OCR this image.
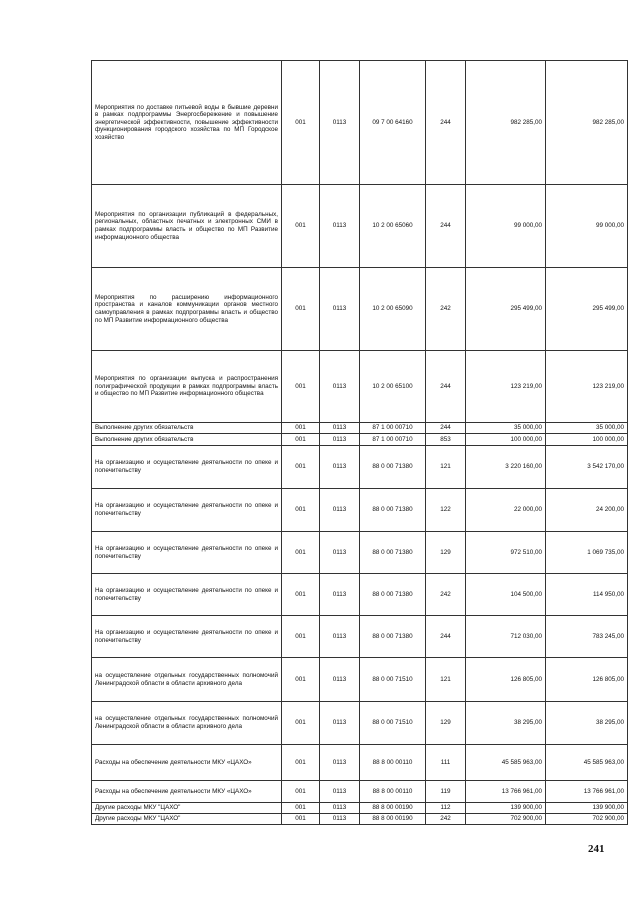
Мероприятия по доставке питьевой воды в бывшие деревни в рамках подпрограммы Энергосбережение и повышение энергетической эффективности, повышение эффективности функционирования городского хозяйства по МП Городское хозяйство	001	0113	09 7 00 64160	244	982 285,00	982 285,00
Мероприятия по организации публикаций в федеральных, региональных, областных печатных и электронных СМИ в рамках подпрограммы власть и общество по МП Развитие информационного общества	001	0113	10 2 00 65060	244	99 000,00	99 000,00
Мероприятия по расширению информационного пространства и каналов коммуникации органов местного самоуправления в рамках подпрограммы власть и общество по МП Развитие информационного общества	001	0113	10 2 00 65090	242	295 499,00	295 499,00
Мероприятия по организации выпуска и распространения полиграфической продукции в рамках подпрограммы власть и общество по МП Развитие информационного общества	001	0113	10 2 00 65100	244	123 219,00	123 219,00
Выполнение других обязательств	001	0113	87 1 00 00710	244	35 000,00	35 000,00
Выполнение других обязательств	001	0113	87 1 00 00710	853	100 000,00	100 000,00
На организацию и осуществление деятельности по опеке и попечительству	001	0113	88 0 00 71380	121	3 220 160,00	3 542 170,00
На организацию и осуществление деятельности по опеке и попечительству	001	0113	88 0 00 71380	122	22 000,00	24 200,00
На организацию и осуществление деятельности по опеке и попечительству	001	0113	88 0 00 71380	129	972 510,00	1 069 735,00
На организацию и осуществление деятельности по опеке и попечительству	001	0113	88 0 00 71380	242	104 500,00	114 950,00
На организацию и осуществление деятельности по опеке и попечительству	001	0113	88 0 00 71380	244	712 030,00	783 245,00
на осуществление отдельных государственных полномочий Ленинградской области в области архивного дела	001	0113	88 0 00 71510	121	126 805,00	126 805,00
на осуществление отдельных государственных полномочий Ленинградской области в области архивного дела	001	0113	88 0 00 71510	129	38 295,00	38 295,00
Расходы на обеспечение деятельности МКУ «ЦАХО»	001	0113	88 8 00 00110	111	45 585 963,00	45 585 963,00
Расходы на обеспечение деятельности МКУ «ЦАХО»	001	0113	88 8 00 00110	119	13 766 961,00	13 766 961,00
Другие расходы МКУ "ЦАХО"	001	0113	88 8 00 00190	112	139 900,00	139 900,00
Другие расходы МКУ "ЦАХО"	001	0113	88 8 00 00190	242	702 900,00	702 900,00
241
